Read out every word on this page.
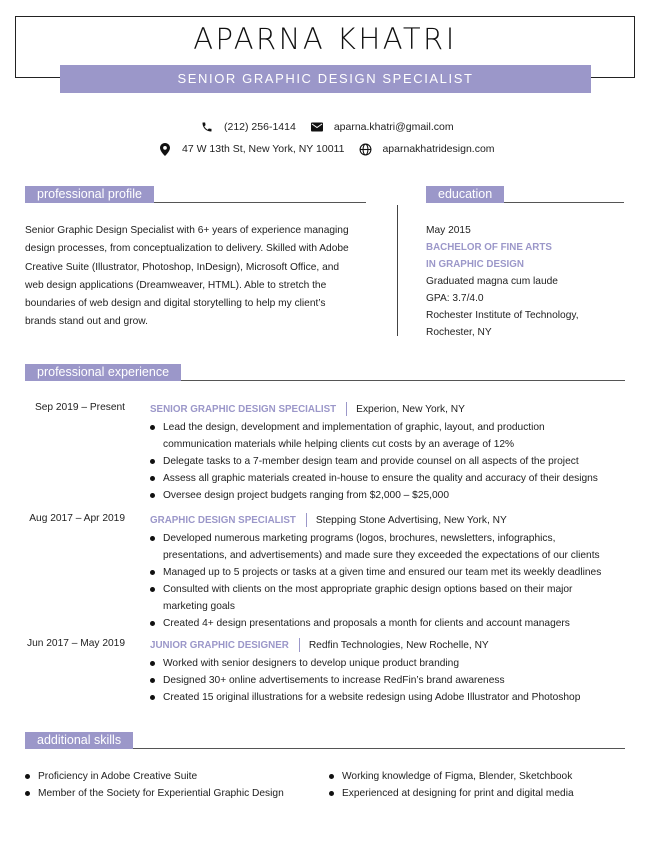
APARNA KHATRI
SENIOR GRAPHIC DESIGN SPECIALIST
(212) 256-1414	aparna.khatri@gmail.com
47 W 13th St, New York, NY 10011	aparnakhatridesign.com
professional profile
Senior Graphic Design Specialist with 6+ years of experience managing
design processes, from conceptualization to delivery. Skilled with Adobe
Creative Suite (Illustrator, Photoshop, InDesign), Microsoft Office, and
web design applications (Dreamweaver, HTML). Able to stretch the
boundaries of web design and digital storytelling to help my client’s
brands stand out and grow.
education
May 2015
BACHELOR OF FINE ARTS
IN GRAPHIC DESIGN
Graduated magna cum laude
GPA: 3.7/4.0
Rochester Institute of Technology,
Rochester, NY
professional experience
Sep 2019 – Present	SENIOR GRAPHIC DESIGN SPECIALIST Experion,
New York, NY
Lead the design, development and implementation of graphic, layout, and production
communication materials while helping clients cut costs by an average of 12%
Delegate tasks to a 7-member design team and provide counsel on all aspects of the project
Assess all graphic materials created in-house to ensure the quality and accuracy of their designs
Oversee design project budgets ranging from $2,000 – $25,000
Aug 2017 – Apr 2019	GRAPHIC DESIGN SPECIALIST Stepping Stone Advertising,
New York, NY
Developed numerous marketing programs (logos, brochures, newsletters, infographics,
presentations, and advertisements) and made sure they exceeded the expectations of our clients
Managed up to 5 projects or tasks at a given time and ensured our team met its weekly deadlines
Consulted with clients on the most appropriate graphic design options based on their major
marketing goals
Created 4+ design presentations and proposals a month for clients and account managers
Jun 2017 – May 2019	JUNIOR GRAPHIC DESIGNER Redfin Technologies,
New Rochelle, NY
Worked with senior designers to develop unique product branding
Designed 30+ online advertisements to increase RedFin’s brand awareness
Created 15 original illustrations for a website redesign using Adobe Illustrator and Photoshop
additional skills
Proficiency in Adobe Creative Suite
Member of the Society for Experiential Graphic Design
Working knowledge of Figma, Blender, Sketchbook
Experienced at designing for print and digital media
